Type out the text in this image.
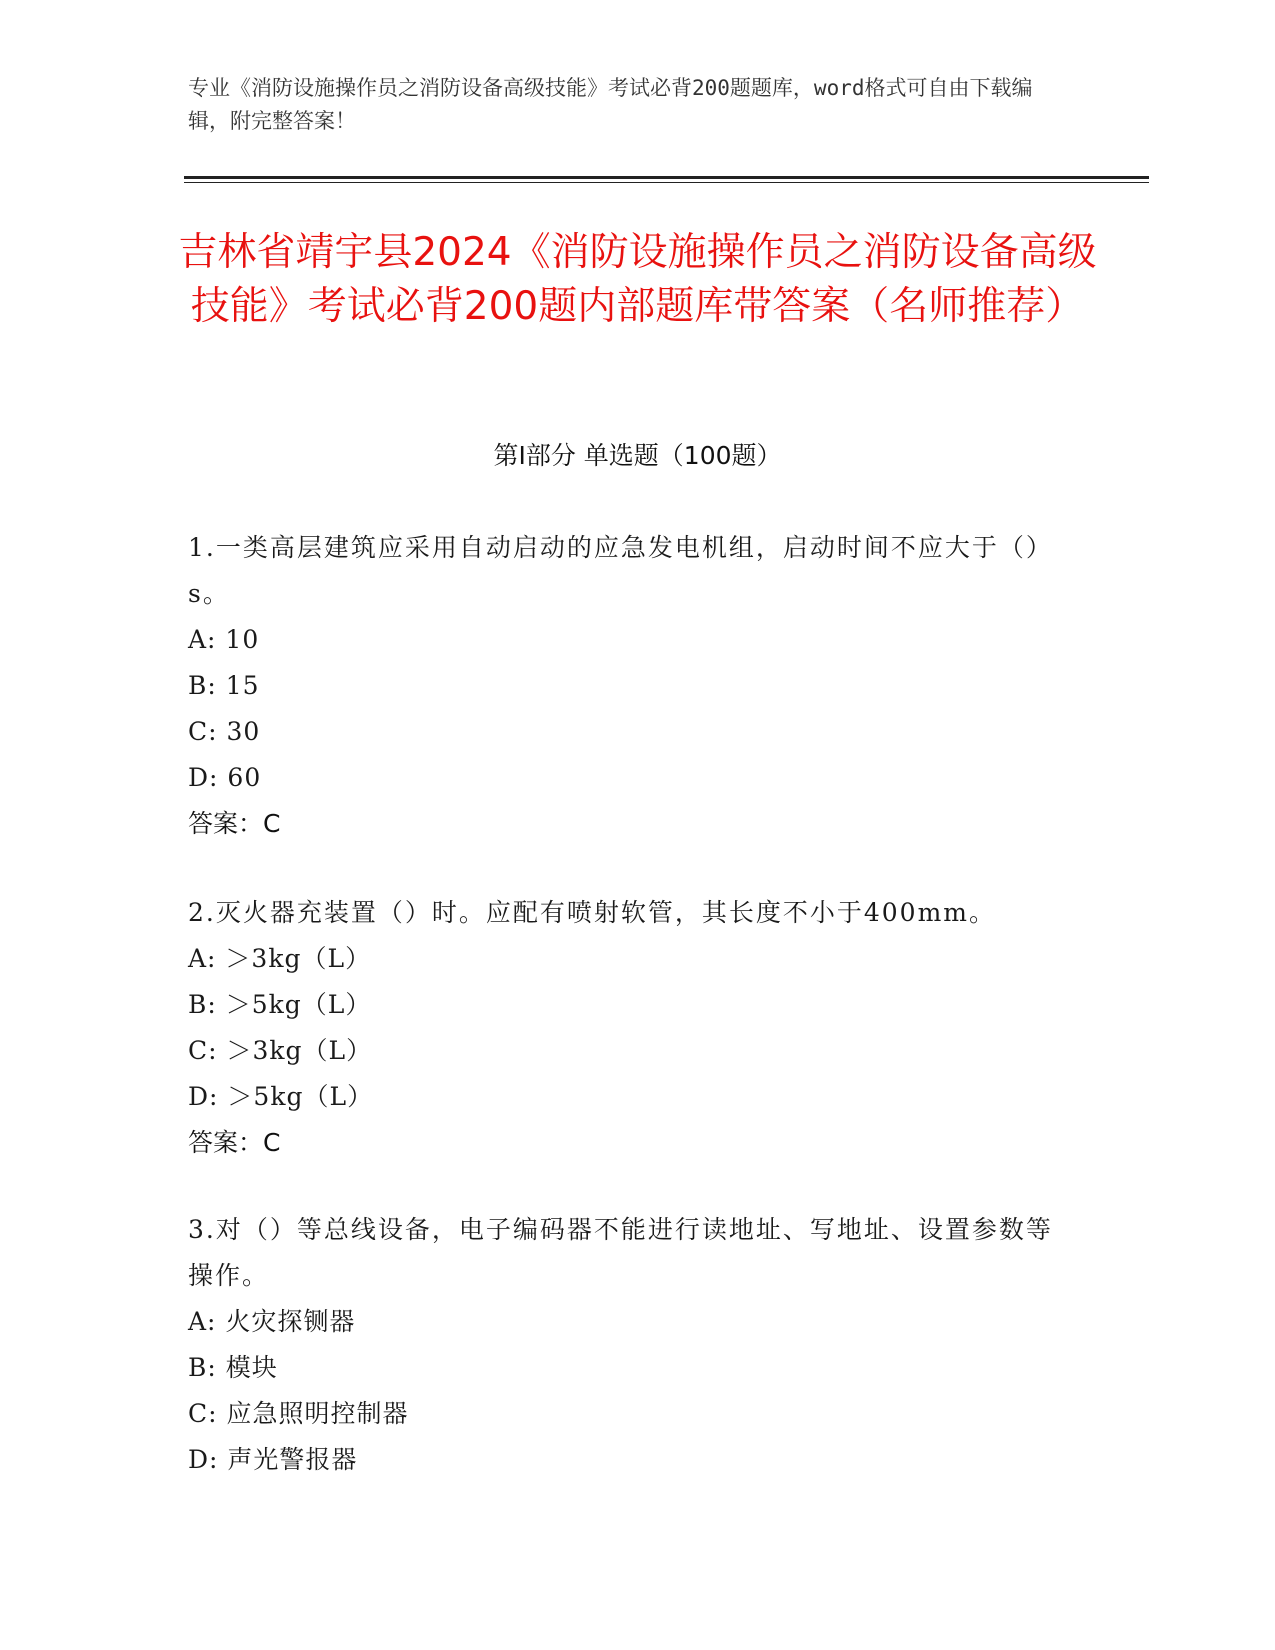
专业《消防设施操作员之消防设备高级技能》考试必背200题题库，word格式可自由下载编辑，附完整答案！
吉林省靖宇县2024《消防设施操作员之消防设备高级技能》考试必背200题内部题库带答案（名师推荐）
第I部分 单选题（100题）
1.一类高层建筑应采用自动启动的应急发电机组，启动时间不应大于（）s。
A: 10
B: 15
C: 30
D: 60
答案：C
2.灭火器充装置（）时。应配有喷射软管，其长度不小于400mm。
A: ＞3kg（L）
B: ＞5kg（L）
C: ＞3kg（L）
D: ＞5kg（L）
答案：C
3.对（）等总线设备，电子编码器不能进行读地址、写地址、设置参数等操作。
A: 火灾探铡器
B: 模块
C: 应急照明控制器
D: 声光警报器
